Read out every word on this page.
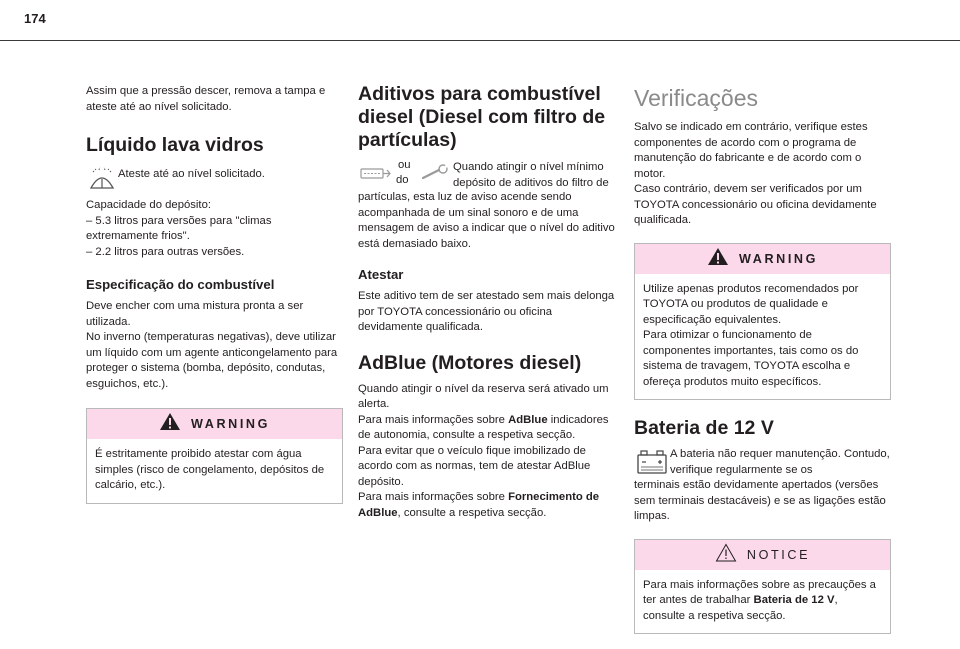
174

Assim que a pressão descer, remova a tampa e ateste até ao nível solicitado.

Líquido lava vidros

Ateste até ao nível solicitado.

Capacidade do depósito:

– 5.3 litros para versões para "climas extremamente frios".

– 2.2 litros para outras versões.

Especificação do combustível

Deve encher com uma mistura pronta a ser utilizada.

No inverno (temperaturas negativas), deve utilizar um líquido com um agente anticongelamento para proteger o sistema (bomba, depósito, condutas, esguichos, etc.).

WARNING

É estritamente proibido atestar com água simples (risco de congelamento, depósitos de calcário, etc.).

Aditivos para combustível diesel (Diesel com filtro de partículas)
ou
do

Quando atingir o nível mínimo depósito de aditivos do filtro de

partículas, esta luz de aviso acende sendo acompanhada de um sinal sonoro e de uma mensagem de aviso a indicar que o nível do aditivo está demasiado baixo.

Atestar

Este aditivo tem de ser atestado sem mais delonga por TOYOTA concessionário ou oficina devidamente qualificada.

AdBlue (Motores diesel)

Quando atingir o nível da reserva será ativado um alerta.

Para mais informações sobre AdBlue indicadores de autonomia, consulte a respetiva secção.

Para evitar que o veículo fique imobilizado de acordo com as normas, tem de atestar AdBlue depósito.

Para mais informações sobre Fornecimento de AdBlue, consulte a respetiva secção.

Verificações

Salvo se indicado em contrário, verifique estes componentes de acordo com o programa de manutenção do fabricante e de acordo com o motor.

Caso contrário, devem ser verificados por um TOYOTA concessionário ou oficina devidamente qualificada.

WARNING

Utilize apenas produtos recomendados por TOYOTA ou produtos de qualidade e especificação equivalentes.

Para otimizar o funcionamento de componentes importantes, tais como os do sistema de travagem, TOYOTA escolha e ofereça produtos muito específicos.

Bateria de 12 V

A bateria não requer manutenção. Contudo, verifique regularmente se os

terminais estão devidamente apertados (versões sem terminais destacáveis) e se as ligações estão limpas.

NOTICE

Para mais informações sobre as precauções a ter antes de trabalhar Bateria de 12 V, consulte a respetiva secção.
